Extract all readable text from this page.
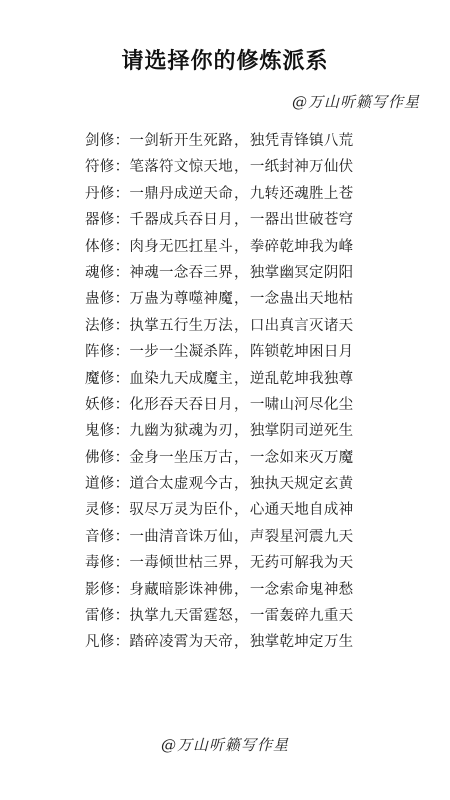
请选择你的修炼派系
@万山听籁写作星
剑修：一剑斩开生死路，独凭青锋镇八荒
符修：笔落符文惊天地，一纸封神万仙伏
丹修：一鼎丹成逆天命，九转还魂胜上苍
器修：千器成兵吞日月，一器出世破苍穹
体修：肉身无匹扛星斗，拳碎乾坤我为峰
魂修：神魂一念吞三界，独掌幽冥定阴阳
蛊修：万蛊为尊噬神魔，一念蛊出天地枯
法修：执掌五行生万法，口出真言灭诸天
阵修：一步一尘凝杀阵，阵锁乾坤困日月
魔修：血染九天成魔主，逆乱乾坤我独尊
妖修：化形吞天吞日月，一啸山河尽化尘
鬼修：九幽为狱魂为刃，独掌阴司逆死生
佛修：金身一坐压万古，一念如来灭万魔
道修：道合太虚观今古，独执天规定玄黄
灵修：驭尽万灵为臣仆，心通天地自成神
音修：一曲清音诛万仙，声裂星河震九天
毒修：一毒倾世枯三界，无药可解我为天
影修：身藏暗影诛神佛，一念索命鬼神愁
雷修：执掌九天雷霆怒，一雷轰碎九重天
凡修：踏碎凌霄为天帝，独掌乾坤定万生
@万山听籁写作星
